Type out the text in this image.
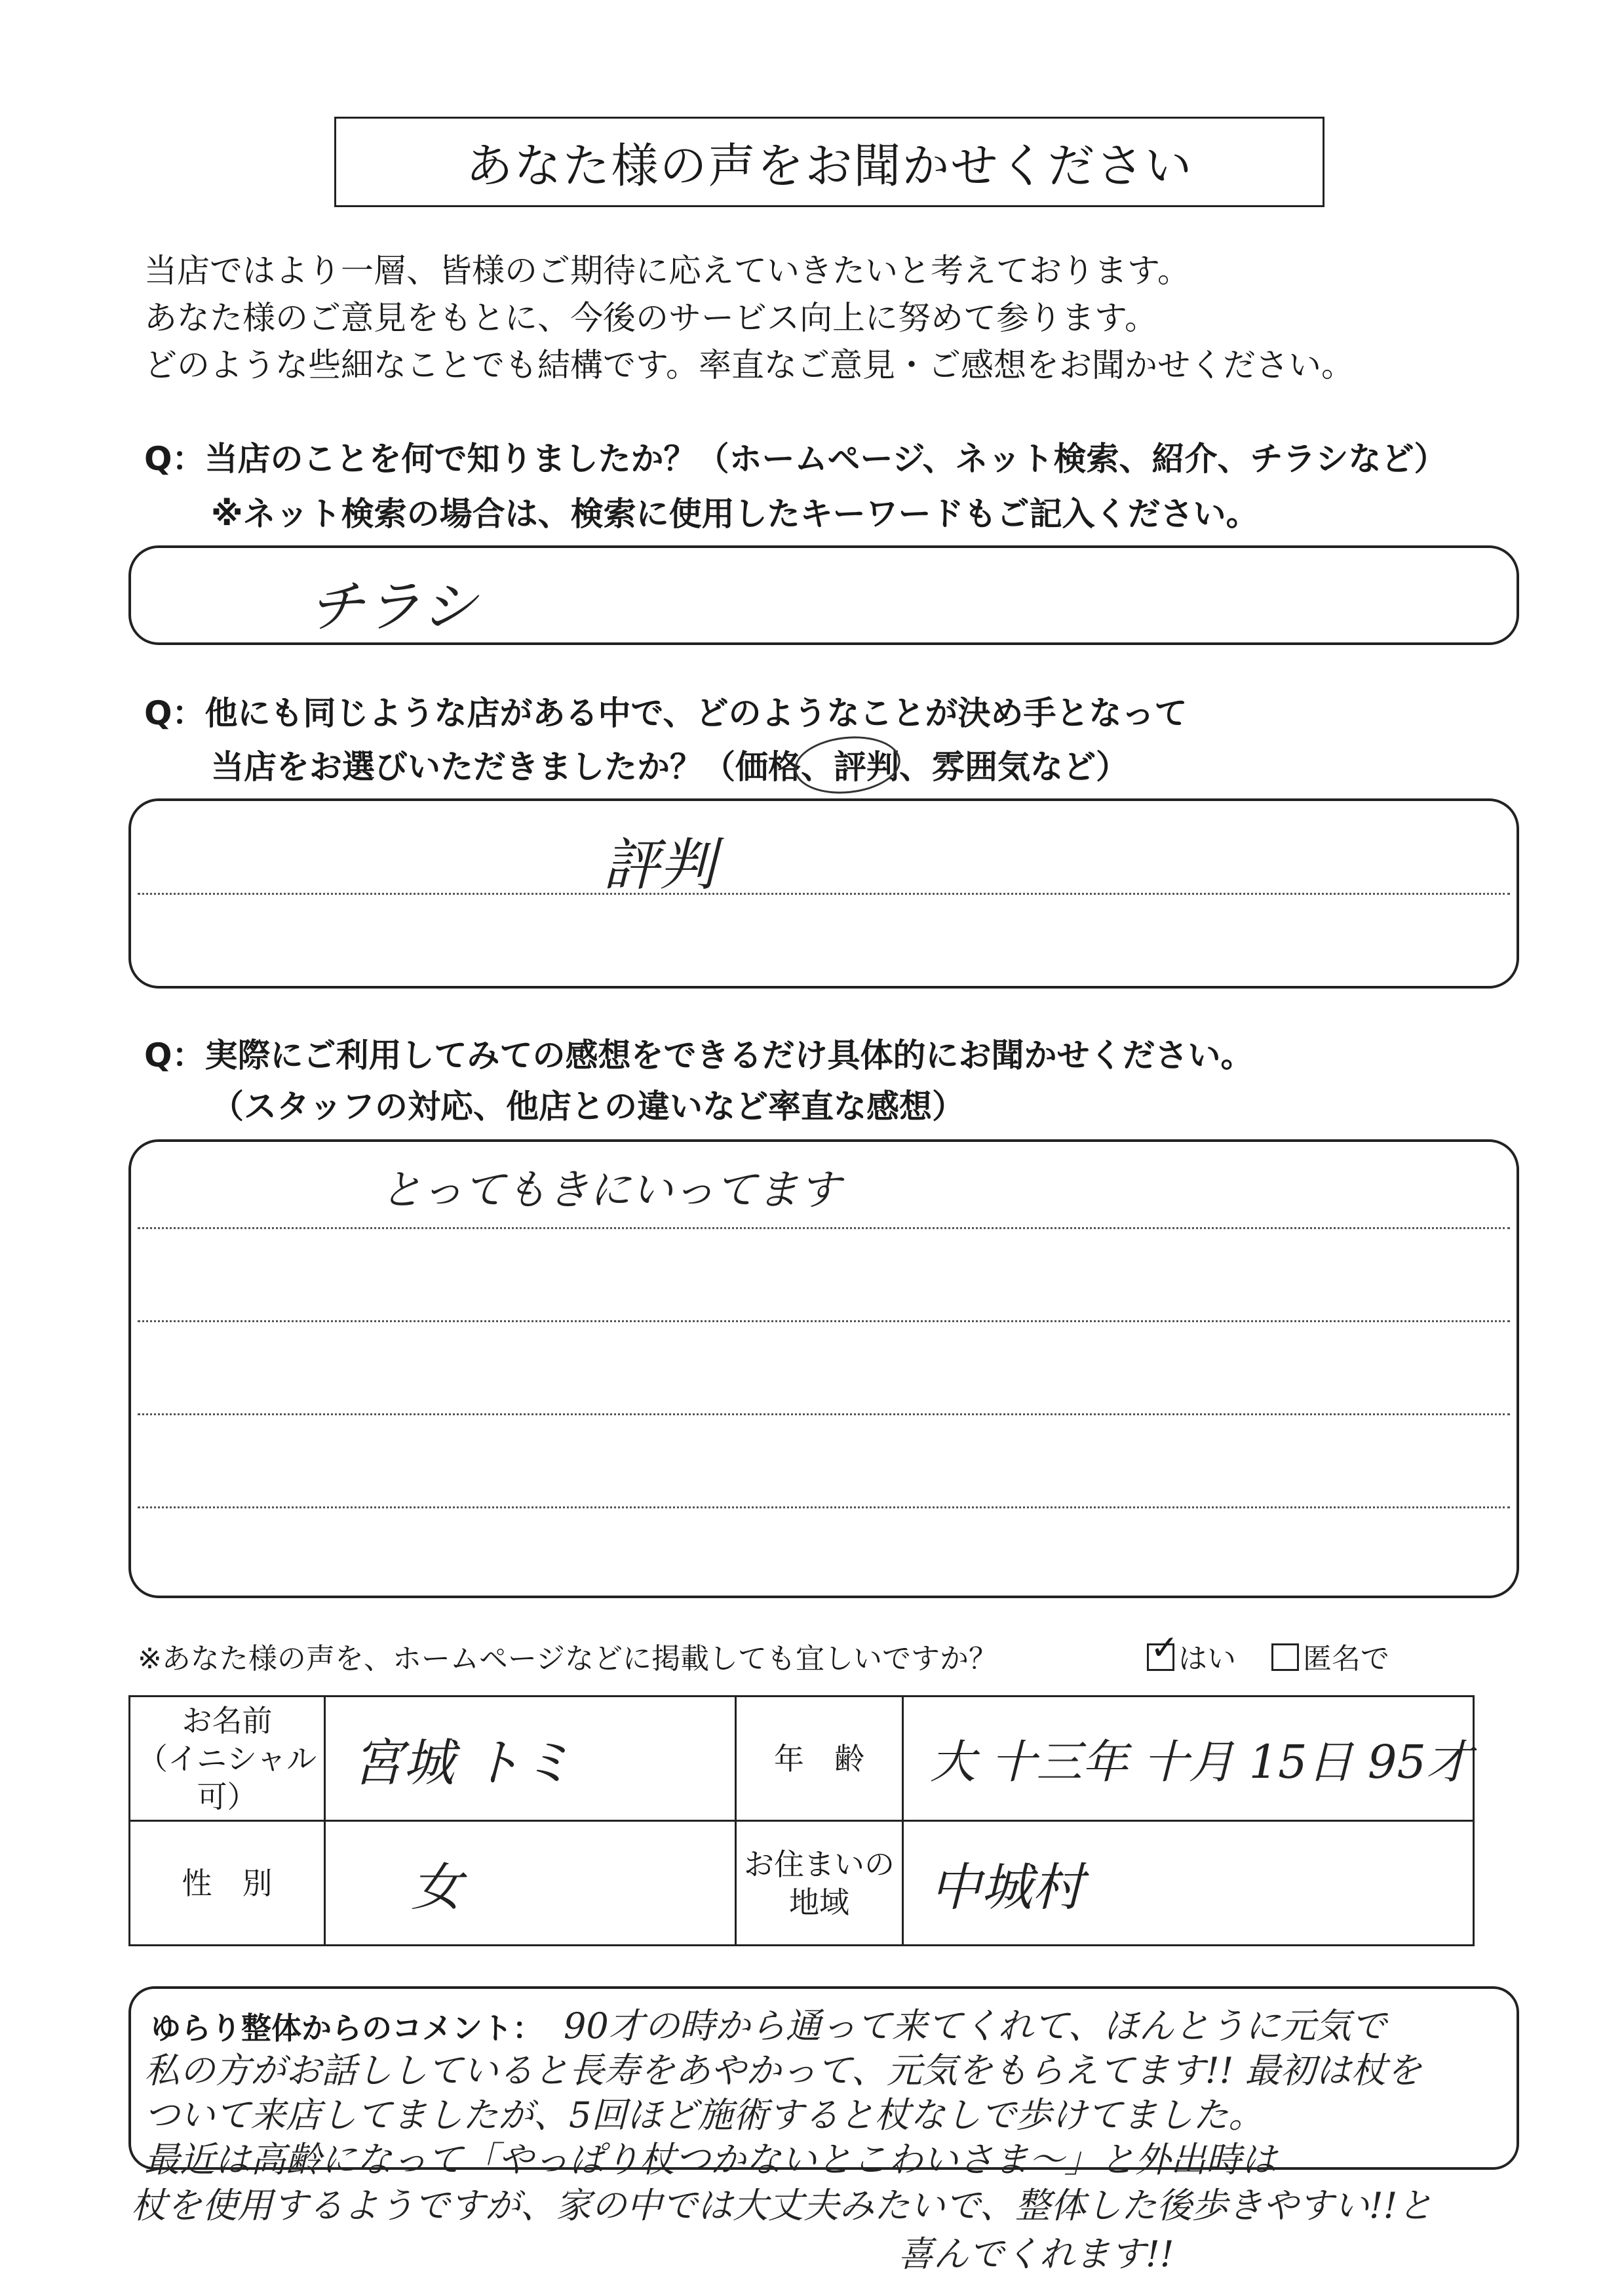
あなた様の声をお聞かせください
当店ではより一層、皆様のご期待に応えていきたいと考えております。
あなた様のご意見をもとに、今後のサービス向上に努めて参ります。
どのような些細なことでも結構です。率直なご意見・ご感想をお聞かせください。
Q：当店のことを何で知りましたか？（ホームページ、ネット検索、紹介、チラシなど）
※ネット検索の場合は、検索に使用したキーワードもご記入ください。
チラシ
Q：他にも同じような店がある中で、どのようなことが決め手となって
当店をお選びいただきましたか？（価格、評判、雰囲気など）
評判
Q：実際にご利用してみての感想をできるだけ具体的にお聞かせください。
（スタッフの対応、他店との違いなど率直な感想）
とってもきにいってます
※あなた様の声を、ホームページなどに掲載しても宜しいですか？ ✓	はい	匿名で
お名前
（イニシャル可）	宮城 トミ	年　齢	大 十三年 十月 15日 95才
性　別	女	お住まいの
地域	中城村
ゆらり整体からのコメント： 90才の時から通って来てくれて、ほんとうに元気で
私の方がお話ししていると長寿をあやかって、元気をもらえてます!! 最初は杖を
ついて来店してましたが、5回ほど施術すると杖なしで歩けてました。
最近は高齢になって「やっぱり杖つかないとこわいさま〜」と外出時は
杖を使用するようですが、家の中では大丈夫みたいで、整体した後歩きやすい!!と
喜んでくれます!!
